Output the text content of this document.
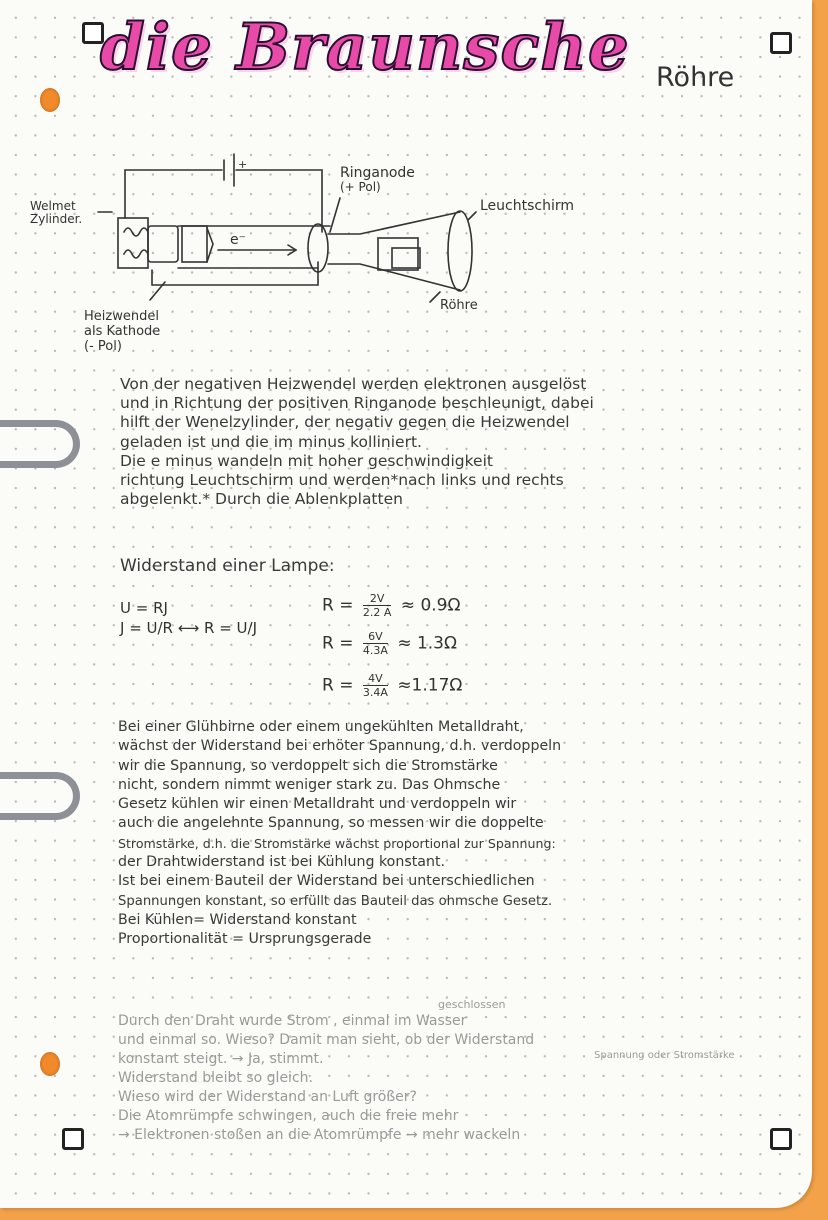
die Braunsche Röhre
+
e⁻
Welmet
Zylinder.
Heizwendel
als Kathode
(- Pol)
Ringanode
(+ Pol)
Leuchtschirm
Röhre
Von der negativen Heizwendel werden elektronen ausgelöst
und in Richtung der positiven Ringanode beschleunigt, dabei
hilft der Wenelzylinder, der negativ gegen die Heizwendel
geladen ist und die im minus kolliniert.
Die e minus wandeln mit hoher geschwindigkeit
richtung Leuchtschirm und werden*nach links und rechts
abgelenkt.* Durch die Ablenkplatten
Widerstand einer Lampe:
U = RJ
J = U/R ⟷ R = U/J
$R = \frac{2V}{2.2 A} \approx 0.9\Omega$
$R = \frac{6V}{4.3A} \approx 1.3\Omega$
$R = \frac{4V}{3.4A} \approx 1.17\Omega$
Bei einer Glühbirne oder einem ungekühlten Metalldraht,
wächst der Widerstand bei erhöter Spannung, d.h. verdoppeln
wir die Spannung, so verdoppelt sich die Stromstärke
nicht, sondern nimmt weniger stark zu. Das Ohmsche
Gesetz kühlen wir einen Metalldraht und verdoppeln wir
auch die angelehnte Spannung, so messen wir die doppelte
Stromstärke, d.h. die Stromstärke wächst proportional zur Spannung:
der Drahtwiderstand ist bei Kühlung konstant.
Ist bei einem Bauteil der Widerstand bei unterschiedlichen
Spannungen konstant, so erfüllt das Bauteil das ohmsche Gesetz.
Bei Kühlen= Widerstand konstant
Proportionalität = Ursprungsgerade
geschlossen
Durch den Draht wurde Strom , einmal im Wasser
und einmal so. Wieso? Damit man sieht, ob der Widerstand
konstant steigt. → Ja, stimmt.
Widerstand bleibt so gleich.
Wieso wird der Widerstand an Luft größer?
Die Atomrümpfe schwingen, auch die freie mehr
→ Elektronen stoßen an die Atomrümpfe → mehr wackeln
Spannung oder Stromstärke
